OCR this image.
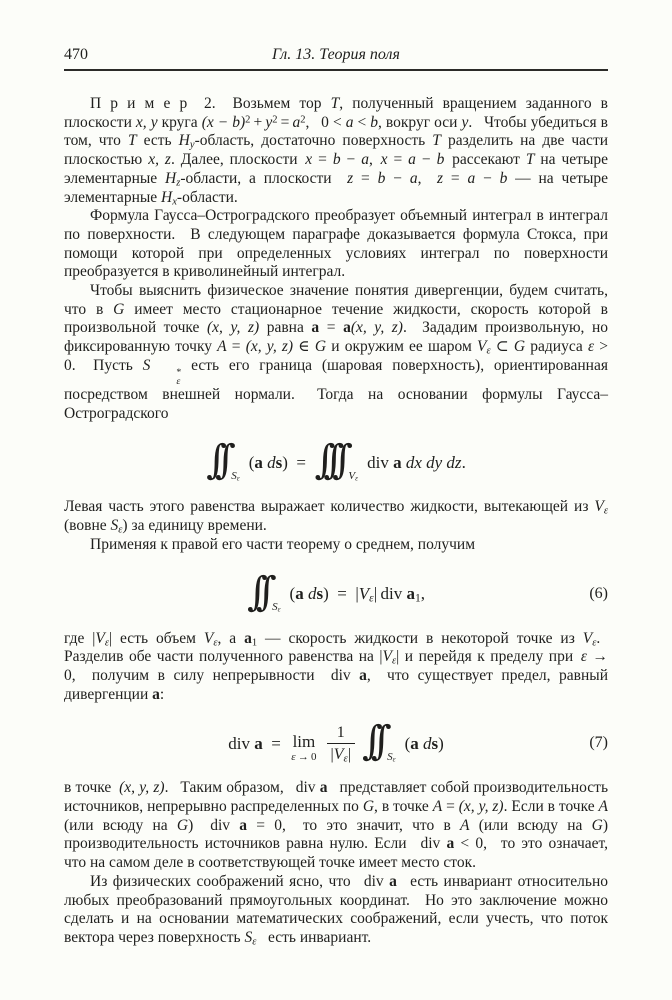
470	Гл. 13. Теория поля

П р и м е р  2.  Возьмем тор T, полученный вращением заданного в плоскости x, y круга $(x - b)^2 + y^2 = a^2$,  0 < a < b, вокруг оси y.  Чтобы убедиться в том, что T есть $H_y$-область, достаточно поверхность T разделить на две части плоскостью x, z. Далее, плоскости x = b − a, x = a − b рассекают T на четыре элементарные $H_z$-области, а плоскости  z = b − a,  z = a − b — на четыре элементарные $H_x$-области.

Формула Гаусса–Остроградского преобразует объемный интеграл в интеграл по поверхности.  В следующем параграфе доказывается формула Стокса, при помощи которой при определенных условиях интеграл по поверхности преобразуется в криволинейный интеграл.

Чтобы выяснить физическое значение понятия дивергенции, будем считать, что в G имеет место стационарное течение жидкости, скорость которой в произвольной точке (x, y, z) равна a = a(x, y, z).  Зададим произвольную, но фиксированную точку A = (x, y, z) ∈ G и окружим ее шаром $V_\varepsilon$ ⊂ G радиуса ε > 0.  Пусть S	*
ε
есть его граница (шаровая поверхность), ориентированная посредством внешней нормали.  Тогда на основании формулы Гаусса–Остроградского

∫∫ $S_\varepsilon$
(a ds) =  ∫∫∫ $V_\varepsilon$
div a dx dy dz.

Левая часть этого равенства выражает количество жидкости, вытекающей из $V_\varepsilon$ (вовне $S_\varepsilon$) за единицу времени.

Применяя к правой его части теорему о среднем, получим

∫∫ $S_\varepsilon$
(a ds) = $|V_\varepsilon|$ div $a_1$,	(6)

где $|V_\varepsilon|$ есть объем $V_\varepsilon$, а $a_1$ — скорость жидкости в некоторой точке из $V_\varepsilon$.  Разделив обе части полученного равенства на $|V_\varepsilon|$ и перейдя к пределу при ε → 0,  получим в силу непрерывности  div a,  что существует предел, равный дивергенции a:

div a =  lim
$\varepsilon \to 0 \frac{1}{|V_\varepsilon|}$ ∫∫ $S_\varepsilon$
(a ds)	(7)

в точке (x, y, z).  Таким образом,  div a  представляет собой производительность источников, непрерывно распределенных по G, в точке A = (x, y, z). Если в точке A (или всюду на G)  div a = 0,  то это значит, что в A (или всюду на G) производительность источников равна нулю. Если  div a < 0,  то это означает, что на самом деле в соответствующей точке имеет место сток.

Из физических соображений ясно, что  div a  есть инвариант относительно любых преобразований прямоугольных координат.  Но это заключение можно сделать и на основании математических соображений, если учесть, что поток вектора через поверхность $S_\varepsilon$  есть инвариант.
